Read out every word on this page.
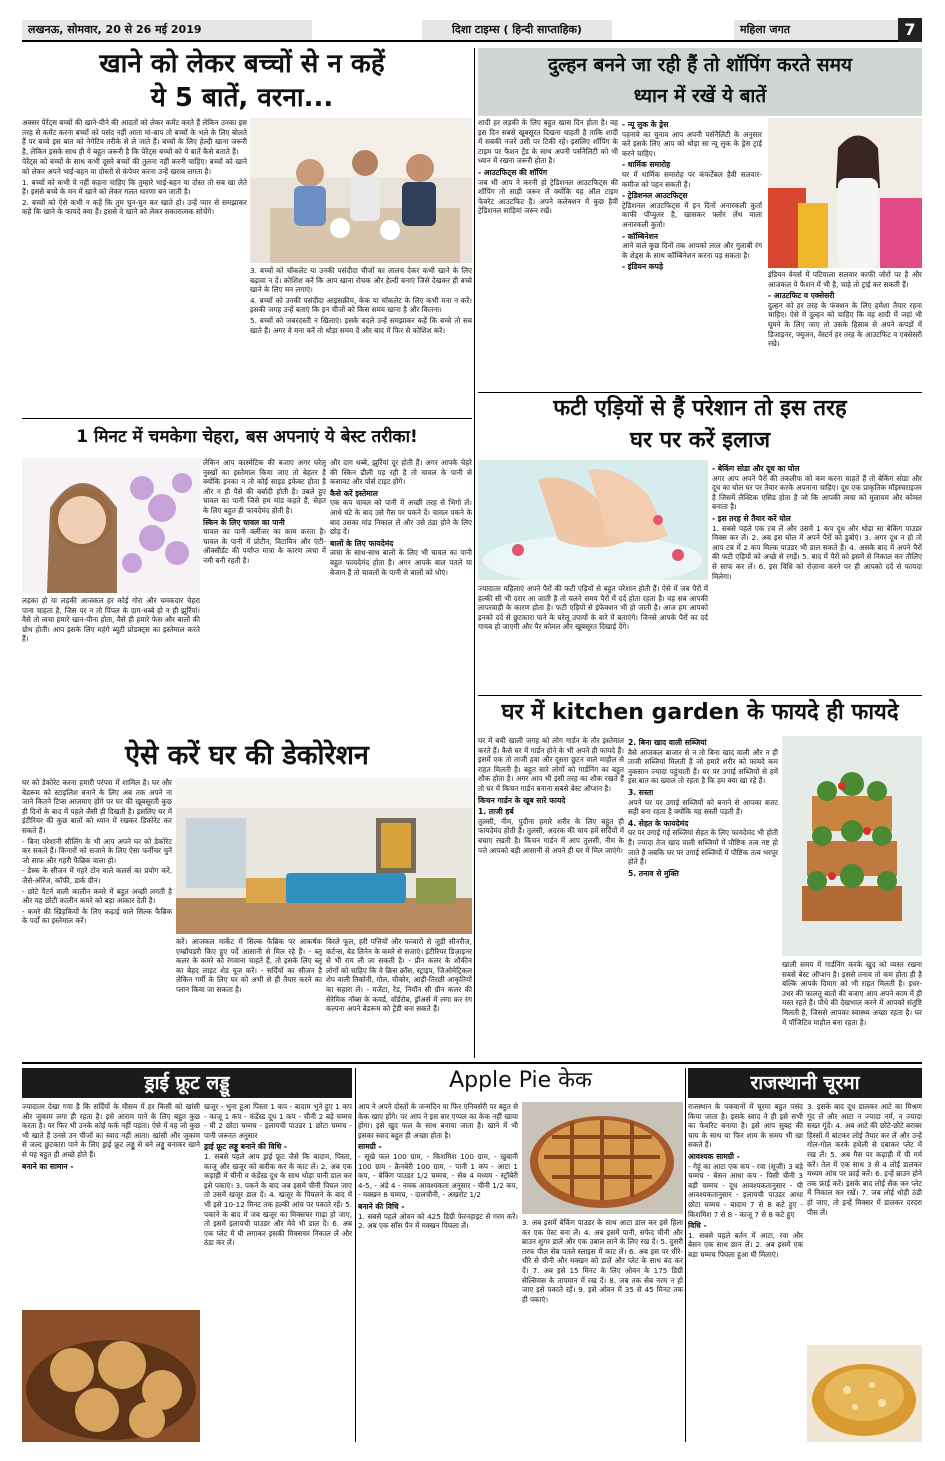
लखनऊ, सोमवार, 20 से 26 मई 2019	दिशा टाइम्स ( हिन्दी साप्ताहिक)	महिला जगत	7
खाने को लेकर बच्चों से न कहें
ये 5 बातें, वरना...

अक्सर पेरेंट्स बच्चों की खाने-पीने की आदतों को लेकर कमेंट करते हैं लेकिन उनका इस तरह से कमेंट करना बच्चों को पसंद नहीं आता मां-बाप तो बच्चों के भले के लिए बोलते हैं पर बच्चे इस बात को नेगेटिव तरीके से ले जाते हैं। बच्चों के लिए हेल्दी खाना जरूरी है, लेकिन इसके साथ ही ये बहुत जरूरी है कि पेरेंट्स बच्चों को ये बातें कैसे बताते हैं।

पेरेंट्स को बच्चों के साथ कभी दूसरे बच्चों की तुलना नहीं करनी चाहिए। बच्चों को खाने को लेकर अपने भाई-बहन या दोस्तों से कंपेयर करना उन्हें खराब लगता है।

1. बच्चों को कभी ये नहीं कहना चाहिए कि तुम्हारे भाई-बहन या दोस्त तो सब खा लेते हैं। इससे बच्चे के मन में खाने को लेकर गलत धारणा बन जाती है।

2. बच्चों को ऐसे कभी न कहें कि तुम चुन-चुन कर खाते हो। उन्हें प्यार से समझाकर कहें कि खाने के फायदे क्या हैं। इससे वे खाने को लेकर सकारात्मक सोचेंगे।

3. बच्चों को चॉकलेट या उनकी पसंदीदा चीजों का लालच देकर कभी खाने के लिए बढ़ावा न दें। कोशिश करें कि आप खाना रोचक और हेल्दी बनाएं जिसे देखकर ही बच्चे खाने के लिए मन लगाएं।

4. बच्चों को उनकी पसंदीदा आइसक्रीम, केक या चॉकलेट के लिए कभी मना न करें। इसकी जगह उन्हें बताएं कि इन चीजों को किस समय खाना है और कितना।

5. बच्चों को जबरदस्ती न खिलाएं। इसके बदले उन्हें समझाकर कहें कि बच्चे तो सब खाते हैं। अगर वे मना करें तो थोड़ा समय दें और बाद में फिर से कोशिश करें।

दुल्हन बनने जा रही हैं तो शॉपिंग करते समय
ध्यान में रखें ये बातें

शादी हर लड़की के लिए बहुत खास दिन होता है। वह इस दिन सबसे खूबसूरत दिखना चाहती है ताकि शादी में सबकी नजरें उसी पर टिकी रहें। इसलिए शॉपिंग के टाइम पर फैशन ट्रेंड के साथ अपनी पर्सनैलिटी को भी ध्यान में रखना जरूरी होता है।

- आउटफिट्स की शॉपिंग

जब भी आप ने करनी हो ट्रेडिशनल आउटफिट्स की शॉपिंग तो साड़ी जरूर लें क्योंकि यह ऑल टाइम फेवरेट आउटफिट है। अपने कलेक्शन में कुछ हैवी ट्रेडिशनल साड़ियां जरूर रखें।

- न्यू लुक के ड्रेस

पहनावे का चुनाव आप अपनी पर्सनैलिटी के अनुसार करें इसके लिए आप को थोड़ा सा न्यू लुक के ड्रेस ट्राई करने चाहिए।

- धार्मिक समारोह

घर में धार्मिक समारोह पर कंफर्टेबल हैवी सलवार-कमीज को पहन सकती हैं।

- ट्रेडिशनल आउटफिट्स

ट्रेडिशनल आउटफिट्स में इन दिनों अनारकली कुर्ता काफी पॉप्युलर है, खासकर फ्लोर लेंथ वाला अनारकली कुर्ता।

- कॉम्बिनेशन

आने वाले कुछ दिनों तक आपको लाल और गुलाबी रंग के शेड्स के साथ कॉम्बिनेशन करना पड़ सकता है।

- इंडियन कपड़े

इंडियन वेयर्स में पटियाला सलवार काफी जोरों पर है और आजकल ये फैशन में भी है, चाहे तो ट्राई कर सकती हैं।

- आउटफिट व एक्सेसरी

दुल्हन को हर तरह के फंक्शन के लिए हमेशा तैयार रहना चाहिए। ऐसे में दुल्हन को चाहिए कि वह शादी में जहां भी घूमने के लिए जाए तो उसके हिसाब से अपने कपड़ों में डिजाइनर, फ्यूजन, वेस्टर्न हर तरह के आउटफिट व एक्सेसरी रखे।

1 मिनट में चमकेगा चेहरा, बस अपनाएं ये बेस्ट तरीका!

लड़का हो या लड़की आजकल हर कोई गोरा और चमकदार चेहरा पाना चाहता है, जिस पर न तो पिंपल के दाग-धब्बे हो न ही झुर्रियां। वैसे तो त्वचा हमारे खान-पीना होता, वैसे ही हमारे फेस और बालों की ग्रोथ होती। आप इसके लिए महंगे ब्यूटी प्रोडक्ट्स का इस्तेमाल करते हैं।

लेकिन आप कास्मेटिक की बजाए अगर घरेलू नुस्खों का इस्तेमाल किया जाए तो बेहतर है क्योंकि इनका न तो कोई साइड इफेक्ट होता है और न ही पैसे की बर्बादी होती है। उबले हुए चावल का पानी जिसे हम मांड कहते हैं, सेहत के लिए बहुत ही फायदेमंद होती है।

स्किन के लिए चावल का पानी

चावल का पानी क्लींजर का काम करता है। चावल के पानी में प्रोटीन, विटामिन और एंटी-ऑक्सीडेंट की पर्याप्त मात्रा के कारण त्वचा में नमी बनी रहती है।

और दाग धब्बे, झुर्रियां दूर होती हैं। अगर आपके चेहरे की स्किन ढीली पड़ रही है तो चावल के पानी से कसावट और पोर्स टाइट होंगे।

कैसे करें इस्तेमाल

एक कप चावल को पानी में अच्छी तरह से भिगो लें। आधे घंटे के बाद उसे गैस पर पकने दें। चावल पकने के बाद उसका मांड निकाल लें और उसे ठंडा होने के लिए छोड़ दें।

बालों के लिए फायदेमंद

त्वचा के साथ-साथ बालों के लिए भी चावल का पानी बहुत फायदेमंद होता है। अगर आपके बाल पतले या बेजान हैं तो चावलों के पानी से बालों को धोएं।

ऐसे करें घर की डेकोरेशन

घर को डेकोरेट करना हमारी परंपरा में शामिल है। घर और बेडरूम को स्टाइलिश बनाने के लिए अब तक अपने ना जाने कितने टिप्स आजमाए होंगे पर घर की खूबसूरती कुछ ही दिनों के बाद में पहले जैसी ही दिखती है। इसलिए घर में इंटीरियर की कुछ बातों को ध्यान में रखकर डिकोरेट कर सकते हैं।

- बिना परेशानी सीलिंग के भी आप अपने घर को डेकोरेट कर सकते हैं। किनारों को सजाने के लिए ऐसा फर्नीचर चुनें जो साफ और गहरी फैब्रिक वाला हो।

- डेस्क के सीजन में गहरे टोन वाले कलर्स का प्रयोग करें, जैसे-ऑरेंज, कॉफी, डार्क ग्रीन।

- छोटे पैटर्न वाली कालीन कमरे में बहुत अच्छी लगती है और यह छोटी कालीन कमरे को बड़ा आकार देती है।

- कमरे की खिड़कियों के लिए कढ़ाई वाले सिल्क फैब्रिक के पर्दों का इस्तेमाल करें।

करें। आजकल मार्केट में सिल्क फैब्रिक पर आकर्षक एम्ब्रॉयडरी किए हुए पर्दे आसानी से मिल रहे हैं। - ब्लू कलर के कमरे को रंगवाना चाहते हैं, तो इसके लिए ब्लू का बेहद लाइट शेड यूज करें। - सर्दियों का सीजन है लेकिन गर्मी के लिए घर को अभी से ही तैयार करने का प्लान किया जा सकता है।

बिरले फूल, हरी पत्तियों और फव्वारों से जुड़ी सीनरीज, कर्टन्स, बेड लिनेन के कमरे से सजाएं। इंटीरियर डिज़ाइनर से भी राय ली जा सकती है। - प्रीन कलर के शौकीन लोगों को चाहिए कि वे क्रिस क्रॉस, स्ट्राइप, जिओमेट्रिकल शेप वाली तिकोनी, गोल, चौकोर, आड़ी-तिरछी आकृतियों का सहारा लें। - मजेंटा, रेड, नियॉन सी ग्रीन कलर की सेरेमिक नॉब्स के कवर्ड, वॉर्डरोब, ड्रॉअर्स में लगा कर रंग कल्पना अपने बेडरूम को ट्रेंडी बना सकते हैं।

फटी एड़ियों से हैं परेशान तो इस तरह
घर पर करें इलाज

ज्यादातर महिलाएं अपने पैरों की फटी एड़ियों से बहुत परेशान होती हैं। ऐसे में जब पैरों में हल्की सी भी दरार आ जाती है तो चलने समय पैरों में दर्द होता रहता है। वह सब आपकी लापरवाही के कारण होता है। फटी एड़ियों से इंफेक्शन भी हो जाती है। आज हम आपको इनको दर्द से छुटकारा पाने के घरेलू उपायों के बारे में बताएंगे। जिनसे आपके पैरों का दर्द गायब हो जाएगी और पैर कोमल और खूबसूरत दिखाई देंगे।

- बेकिंग सोडा और दूध का घोल

अगर आप अपने पैरों की तकलीफ को कम करना चाहते हैं तो बेकिंग सोडा और दूध का घोल घर पर तैयार करके अपनाना चाहिए। दूध एक प्राकृतिक मॉइस्चराइजर है जिसमें लैक्टिक एसिड होता है जो कि आपकी त्वचा को मुलायम और कोमल बनाता है।

- इस तरह से तैयार करें घोल

1. सबसे पहले एक टब लें और उसमें 1 कप दूध और थोड़ा सा बेकिंग पाउडर मिक्स कर लें। 2. अब इस घोल में अपने पैरों को डुबोएं। 3. अगर दूध न हो तो आप टब में 2 कप मिल्क पाउडर भी डाल सकते हैं। 4. असके बाद में अपने पैरों की फटी एड़ियों को अच्छे से रगड़ें। 5. बाद में पैरों को इसमें से निकाल कर तौलिए से साफ कर लें। 6. इस विधि को रोज़ाना करने पर ही आपको दर्द से फायदा मिलेगा।

घर में kitchen garden के फायदे ही फायदे

घर में बची खाली जगह को लोग गार्डन के तौर इस्तेमाल करते हैं। कैसे घर में गार्डन होने के भी अपने ही फायदे हैं। इसमें एक तो ताजी हवा और दूसरा छुटन वाले माहौल से राहत मिलती है। बहुत सारे लोगों को गार्डनिंग का बहुत शौक होता है। अगर आप भी इसी तरह का शौक रखते हैं तो घर में किचन गार्डन बनाना सबसे बेस्ट ऑप्शन है।

किचन गार्डन के खूब सारे फायदे
1. ताजी हर्ब

तुलसी, नीम, पुदीना हमारे शरीर के लिए बहुत ही फायदेमंद होती हैं। तुलसी, अदरक की चाय हमें सर्दियों में बचाए रखती है। किचन गार्डन में आप तुलसी, नीम के पत्ते आपको बड़ी आसानी से अपने ही घर में मिल जाएंगे।

2. बिना खाद वाली सब्जियां

वैसे आजकल बाजार से न तो बिना खाद वाली और न ही ताजी सब्जियां मिलती हैं जो हमारे शरीर को फायदे कम नुकसान ज्यादा पहुंचाती हैं। घर पर उगाई सब्जियों से हमें इस बात का ख्याल तो रहता है कि हम क्या खा रहे हैं।

3. सस्ता

अपने घर पर उगाई सब्जियों को बनाने से आपका बजट सही बना रहता है क्योंकि यह सस्ती पड़ती हैं।

4. सेहत के फायदेमंद

घर पर उगाई गई सब्जियां सेहत के लिए फायदेमंद भी होती हैं। ज्यादा तेज खाद वाली सब्जियों में पौष्टिक तत्व नष्ट हो जाते हैं जबकि घर पर उगाई सब्जियों में पौष्टिक तत्व भरपूर होते हैं।

5. तनाव से मुक्ति

खाली समय में गार्डनिंग करके खुद को व्यस्त रखना सबसे बेस्ट ऑप्शन है। इससे तनाव तो कम होता ही है बल्कि आपके दिमाग को भी राहत मिलती है। इधर-उधर की फालतू बातों की बजाए आप अपने काम में ही मस्त रहते हैं। पौधे की देखभाल करने में आपको संतुष्टि मिलती है, जिससे आपका स्वास्थ्य अच्छा रहता है। घर में पॉजिटिव माहौल बना रहता है।

ड्राई फ्रूट लड्डू

ज्यादातर देखा गया है कि सर्दियों के मौसम में हर किसी को खांसी और जुकाम लगा ही रहता है। इसे आराम पाने के लिए बहुत कुछ करता है। पर फिर भी उनके कोई फर्क नहीं पड़ता। ऐसे में वह जो कुछ भी खाते हैं उनसे उन चीजों का स्वाद नहीं आता। खांसी और जुकाम से जल्द छुटकारा पाने के लिए ड्राई फ्रूट लड्डू से बने लड्डू बनाकर खाने से यह बहुत ही अच्छे होते हैं।

बनाने का सामान -

खजूर - भुना हुआ पिस्ता 1 कप - बादाम भुने हुए 1 कप - काजू 1 कप - कंडेंस्ड दूध 1 कप - चीनी 2 बड़े चम्मच - घी 2 छोटा चम्मच - इलायची पाउडर 1 छोटा चम्मच - पानी जरूरत अनुसार

ड्राई फ्रूट लड्डू बनाने की विधि -

1. सबसे पहले आप ड्राई फ्रूट जैसे कि बादाम, पिस्ता, काजू और खजूर को बारीक कर के काट लें। 2. अब एक कड़ाही में चीनी व कंडेंस्ड दूध के साथ थोड़ा पानी डाल कर इसे पकाएं। 3. पकने के बाद जब इसमें चीनी पिघल जाए तो उसमें खजूर डाल दें। 4. खजूर के पिघलने के बाद में भी इसे 10-12 मिनट तक हल्की आंच पर पकाते रहें। 5. पकाने के बाद में जब खजूर का मिक्सचर गाढ़ा हो जाए, तो इसमें इलायची पाउडर और मेवे भी डाल दें। 6. अब एक प्लेट में घी लगाकर इसकी मिक्सचर निकाल लें और ठंडा कर लें।

Apple Pie केक

आप ने अपने दोस्तों के जन्मदिन या फिर एनिवर्सरी पर बहुत से केक खाए होंगे। पर आप ने इस बार एप्पल का केक नहीं खाया होगा। इसे खुद फल के साथ बनाया जाता है। खाने में भी इसका स्वाद बहुत ही अच्छा होता है।

सामग्री -

- सूखे फल 100 ग्राम, - किशमिश 100 ग्राम, - खुबानी 100 ग्राम - क्रैनबेरी 100 ग्राम, - पानी 1 कप - आटा 1 कप, - बेकिंग पाउडर 1/2 चम्मच, - सेब 4 मध्यम - स्ट्रॉबेरी 4-5, - अंडे 4 - नमक आवश्यकता अनुसार - चीनी 1/2 कप, - मक्खन 8 चम्मच, - दालचीनी, - अखरोट 1/2

बनाने की विधि -

1. सबसे पहले ओवन को 425 डिग्री फेरनहाइट से गरम करें। 2. अब एक सॉस पैन में मक्खन पिघला लें।	3. अब इसमें बेकिंग पाउडर के साथ आटा डाल कर इसे हिला कर एक पेस्ट बना लें। 4. अब इसमें पानी, सफेद चीनी और ब्राउन शुगर डालें और एक उबाल लाने के लिए रख दें। 5. दुसरी तरफ पील सेब पतले स्लाइस में काट लें। 6. अब इस पर धीरे-धीरे से चीनी और मक्खन को डालें और प्लेट के साथ बंद कर दें। 7. अब इसे 15 मिनट के लिए ओवन के 175 डिग्री सेल्सियस के तापमान में रख दें। 8. जब तक सेब नरम न हो जाए इसे पकाते रहें। 9. इसे ओवन में 35 से 45 मिनट तक ही पकाएं।

राजस्थानी चूरमा

राजस्थान के पकवानों में चूरमा बहुत पसंद किया जाता है। इसके स्वाद ने ही इसे सभी का फेवरिट बनाया है। इसे आप सुबह की चाय के साथ या फिर शाम के समय भी खा सकते हैं।

आवश्यक सामग्री -

- गेहूं का आटा एक कप - रवा (सूजी) 3 बड़े चम्मच - बेसन आधा कप - पिसी चीनी 3 बड़ी चम्मच - दूध आवश्यकतानुसार - घी आवश्यकतानुसार - इलायची पाउडर आधा छोटा चम्मच - बादाम 7 से 8 कटे हुए - किशमिश 7 से 8 - काजू 7 से 8 कटे हुए

विधि -

1. सबसे पहले बर्तन में आटा, रवा और बेसन एक साथ छान लें। 2. अब इसमें एक बड़ा चम्मच पिघला हुआ घी मिलाएं।

3. इसके बाद दूध डालकर आटे का मिश्रण गूंद लें और आटा न ज्यादा नर्म, न ज्यादा सख्त गूंदें। 4. अब आटे की छोटे-छोटे बराबर हिस्सों में बांटकर लोई तैयार कर लें और उन्हें गोल-गोल करके हथेली से दबाकर प्लेट में रख लें। 5. अब गैस पर कढ़ाही में घी गर्म करें। तेल में एक साथ 3 से 4 लोई डालकर मध्यम आंच पर फ्राई करें। 6. इन्हें ब्राउन होने तक फ्राई करें। इसके बाद लोई सेंक कर प्लेट में निकाल कर रखें। 7. जब लोई थोड़ी ठंडी हो जाए, तो इन्हें मिक्सर में डालकर दरदरा पीस लें।
